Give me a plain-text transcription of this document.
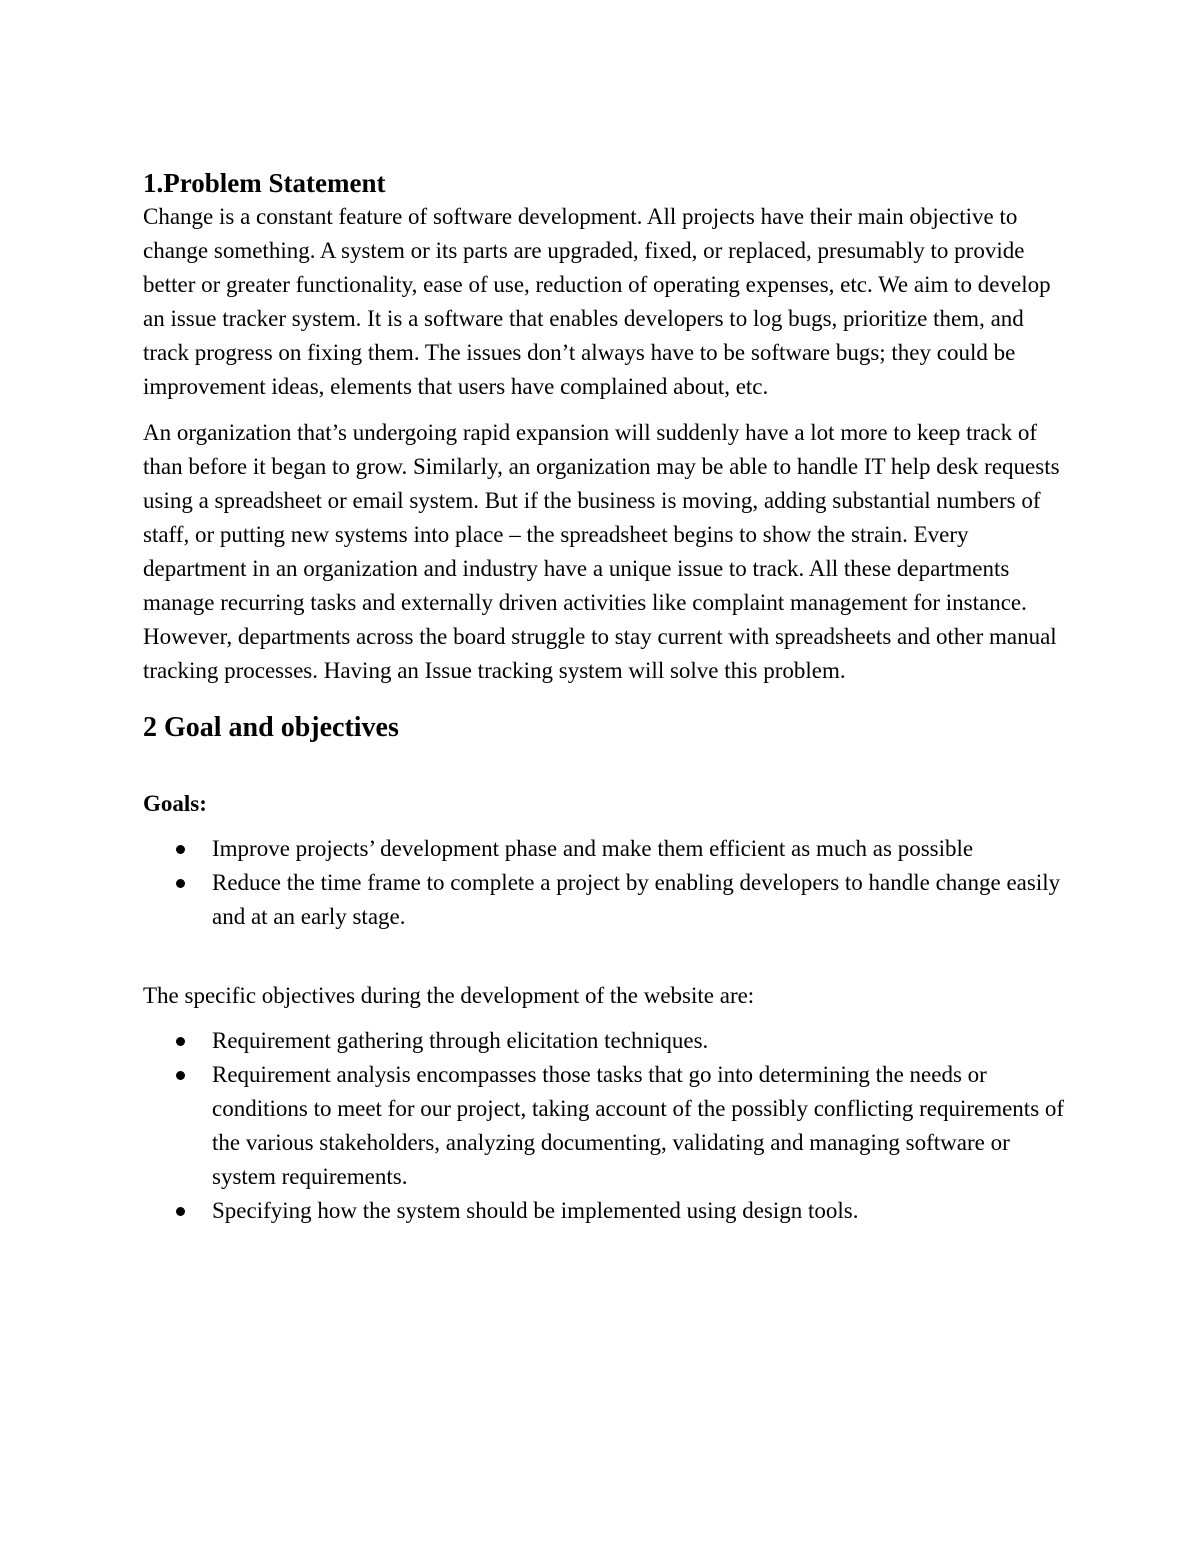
1.Problem Statement

Change is a constant feature of software development. All projects have their main objective to change something. A system or its parts are upgraded, fixed, or replaced, presumably to provide better or greater functionality, ease of use, reduction of operating expenses, etc. We aim to develop an issue tracker system. It is a software that enables developers to log bugs, prioritize them, and track progress on fixing them. The issues don’t always have to be software bugs; they could be improvement ideas, elements that users have complained about, etc.

An organization that’s undergoing rapid expansion will suddenly have a lot more to keep track of than before it began to grow. Similarly, an organization may be able to handle IT help desk requests using a spreadsheet or email system. But if the business is moving, adding substantial numbers of staff, or putting new systems into place – the spreadsheet begins to show the strain. Every department in an organization and industry have a unique issue to track. All these departments manage recurring tasks and externally driven activities like complaint management for instance. However, departments across the board struggle to stay current with spreadsheets and other manual tracking processes. Having an Issue tracking system will solve this problem.

2 Goal and objectives

Goals:

Improve projects’ development phase and make them efficient as much as possible
Reduce the time frame to complete a project by enabling developers to handle change easily and at an early stage.

The specific objectives during the development of the website are:

Requirement gathering through elicitation techniques.
Requirement analysis encompasses those tasks that go into determining the needs or conditions to meet for our project, taking account of the possibly conflicting requirements of the various stakeholders, analyzing documenting, validating and managing software or system requirements.
Specifying how the system should be implemented using design tools.
